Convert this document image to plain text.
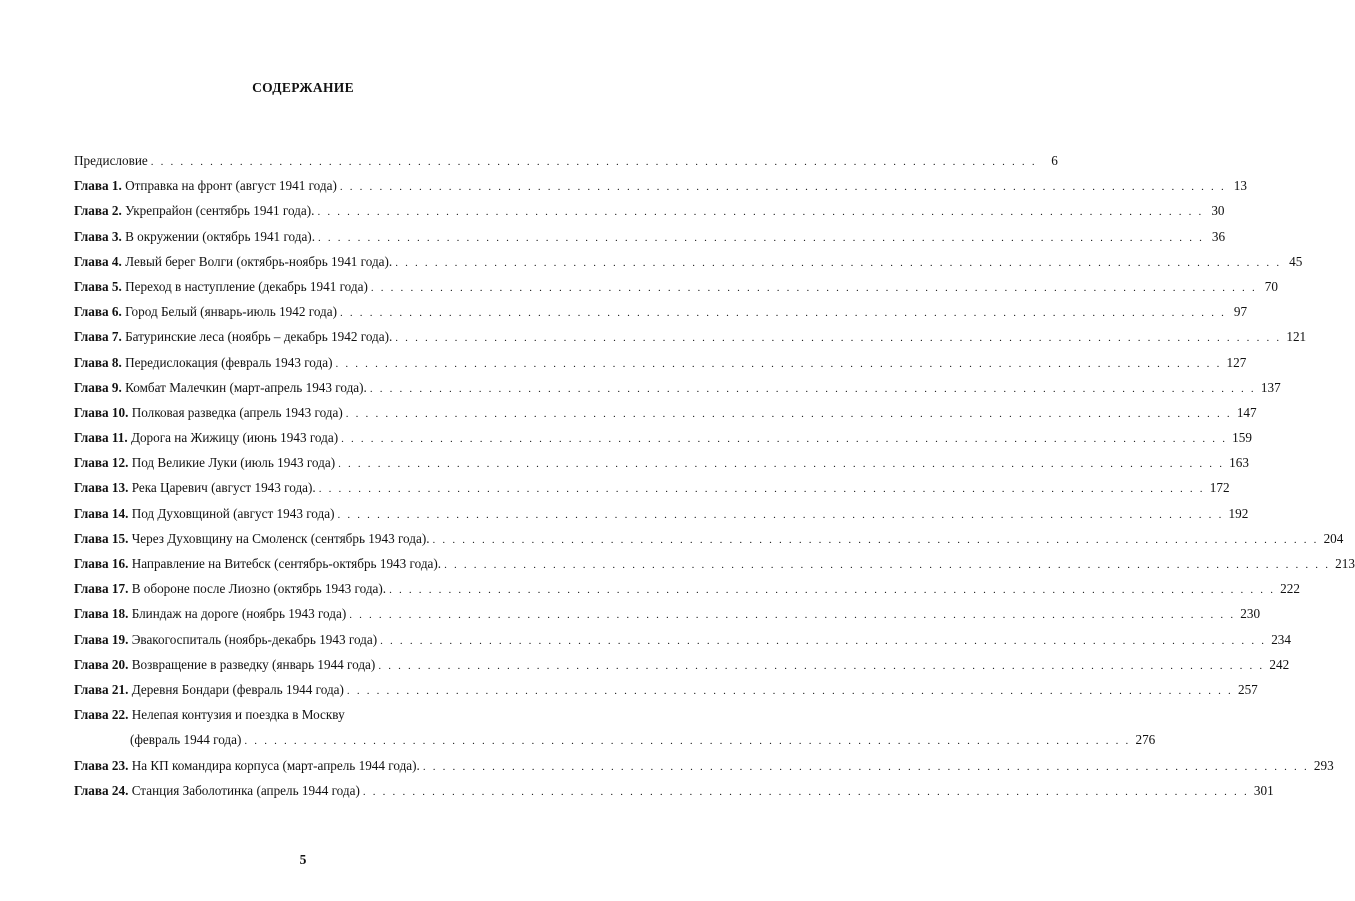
СОДЕРЖАНИЕ
Предисловие . . . . . . . . . . . . . . . . . . . . . . . . . . . . . . . . . . . . . . . . . . . . . . . . . . . . . . . . . . . . . . . . . . . . . . . . . . . . . . . . . . . . . . . . . .	6
Глава 1. Отправка на фронт (август 1941 года) . . . . . . . . . . . . . . . . . . . . . . . . . . . . . . . . . . . . . . . . . . . . . . . . . . . . . . . . . . . . . . . . . . . . . . . . . . . . . . . . . . . . . . . . . . 13
Глава 2. Укрепрайон (сентябрь 1941 года). . . . . . . . . . . . . . . . . . . . . . . . . . . . . . . . . . . . . . . . . . . . . . . . . . . . . . . . . . . . . . . . . . . . . . . . . . . . . . . . . . . . . . . . . . . 30
Глава 3. В окружении (октябрь 1941 года). . . . . . . . . . . . . . . . . . . . . . . . . . . . . . . . . . . . . . . . . . . . . . . . . . . . . . . . . . . . . . . . . . . . . . . . . . . . . . . . . . . . . . . . . . . 36
Глава 4. Левый берег Волги (октябрь-ноябрь 1941 года). . . . . . . . . . . . . . . . . . . . . . . . . . . . . . . . . . . . . . . . . . . . . . . . . . . . . . . . . . . . . . . . . . . . . . . . . . . . . . . . . . . . . . . . . . . 45
Глава 5. Переход в наступление (декабрь 1941 года) . . . . . . . . . . . . . . . . . . . . . . . . . . . . . . . . . . . . . . . . . . . . . . . . . . . . . . . . . . . . . . . . . . . . . . . . . . . . . . . . . . . . . . . . . . 70
Глава 6. Город Белый (январь-июль 1942 года) . . . . . . . . . . . . . . . . . . . . . . . . . . . . . . . . . . . . . . . . . . . . . . . . . . . . . . . . . . . . . . . . . . . . . . . . . . . . . . . . . . . . . . . . . . 97
Глава 7. Батуринские леса (ноябрь – декабрь 1942 года). . . . . . . . . . . . . . . . . . . . . . . . . . . . . . . . . . . . . . . . . . . . . . . . . . . . . . . . . . . . . . . . . . . . . . . . . . . . . . . . . . . . . . . . . . . 121
Глава 8. Передислокация (февраль 1943 года) . . . . . . . . . . . . . . . . . . . . . . . . . . . . . . . . . . . . . . . . . . . . . . . . . . . . . . . . . . . . . . . . . . . . . . . . . . . . . . . . . . . . . . . . . . 127
Глава 9. Комбат Малечкин (март-апрель 1943 года). . . . . . . . . . . . . . . . . . . . . . . . . . . . . . . . . . . . . . . . . . . . . . . . . . . . . . . . . . . . . . . . . . . . . . . . . . . . . . . . . . . . . . . . . . . 137
Глава 10. Полковая разведка (апрель 1943 года) . . . . . . . . . . . . . . . . . . . . . . . . . . . . . . . . . . . . . . . . . . . . . . . . . . . . . . . . . . . . . . . . . . . . . . . . . . . . . . . . . . . . . . . . . . 147
Глава 11. Дорога на Жижицу (июнь 1943 года) . . . . . . . . . . . . . . . . . . . . . . . . . . . . . . . . . . . . . . . . . . . . . . . . . . . . . . . . . . . . . . . . . . . . . . . . . . . . . . . . . . . . . . . . . . 159
Глава 12. Под Великие Луки (июль 1943 года) . . . . . . . . . . . . . . . . . . . . . . . . . . . . . . . . . . . . . . . . . . . . . . . . . . . . . . . . . . . . . . . . . . . . . . . . . . . . . . . . . . . . . . . . . . 163
Глава 13. Река Царевич (август 1943 года). . . . . . . . . . . . . . . . . . . . . . . . . . . . . . . . . . . . . . . . . . . . . . . . . . . . . . . . . . . . . . . . . . . . . . . . . . . . . . . . . . . . . . . . . . . 172
Глава 14. Под Духовщиной (август 1943 года) . . . . . . . . . . . . . . . . . . . . . . . . . . . . . . . . . . . . . . . . . . . . . . . . . . . . . . . . . . . . . . . . . . . . . . . . . . . . . . . . . . . . . . . . . . 192
Глава 15. Через Духовщину на Смоленск (сентябрь 1943 года). . . . . . . . . . . . . . . . . . . . . . . . . . . . . . . . . . . . . . . . . . . . . . . . . . . . . . . . . . . . . . . . . . . . . . . . . . . . . . . . . . . . . . . . . . . 204
Глава 16. Направление на Витебск (сентябрь-октябрь 1943 года). . . . . . . . . . . . . . . . . . . . . . . . . . . . . . . . . . . . . . . . . . . . . . . . . . . . . . . . . . . . . . . . . . . . . . . . . . . . . . . . . . . . . . . . . . . 213
Глава 17. В обороне после Лиозно (октябрь 1943 года). . . . . . . . . . . . . . . . . . . . . . . . . . . . . . . . . . . . . . . . . . . . . . . . . . . . . . . . . . . . . . . . . . . . . . . . . . . . . . . . . . . . . . . . . . . 222
Глава 18. Блиндаж на дороге (ноябрь 1943 года) . . . . . . . . . . . . . . . . . . . . . . . . . . . . . . . . . . . . . . . . . . . . . . . . . . . . . . . . . . . . . . . . . . . . . . . . . . . . . . . . . . . . . . . . . . 230
Глава 19. Эвакогоспиталь (ноябрь-декабрь 1943 года) . . . . . . . . . . . . . . . . . . . . . . . . . . . . . . . . . . . . . . . . . . . . . . . . . . . . . . . . . . . . . . . . . . . . . . . . . . . . . . . . . . . . . . . . . . 234
Глава 20. Возвращение в разведку (январь 1944 года) . . . . . . . . . . . . . . . . . . . . . . . . . . . . . . . . . . . . . . . . . . . . . . . . . . . . . . . . . . . . . . . . . . . . . . . . . . . . . . . . . . . . . . . . . . 242
Глава 21. Деревня Бондари (февраль 1944 года) . . . . . . . . . . . . . . . . . . . . . . . . . . . . . . . . . . . . . . . . . . . . . . . . . . . . . . . . . . . . . . . . . . . . . . . . . . . . . . . . . . . . . . . . . . 257
Глава 22. Нелепая контузия и поездка в Москву
(февраль 1944 года) . . . . . . . . . . . . . . . . . . . . . . . . . . . . . . . . . . . . . . . . . . . . . . . . . . . . . . . . . . . . . . . . . . . . . . . . . . . . . . . . . . . . . . . . . . 276
Глава 23. На КП командира корпуса (март-апрель 1944 года). . . . . . . . . . . . . . . . . . . . . . . . . . . . . . . . . . . . . . . . . . . . . . . . . . . . . . . . . . . . . . . . . . . . . . . . . . . . . . . . . . . . . . . . . . . 293
Глава 24. Станция Заболотинка (апрель 1944 года) . . . . . . . . . . . . . . . . . . . . . . . . . . . . . . . . . . . . . . . . . . . . . . . . . . . . . . . . . . . . . . . . . . . . . . . . . . . . . . . . . . . . . . . . . . 301
5
